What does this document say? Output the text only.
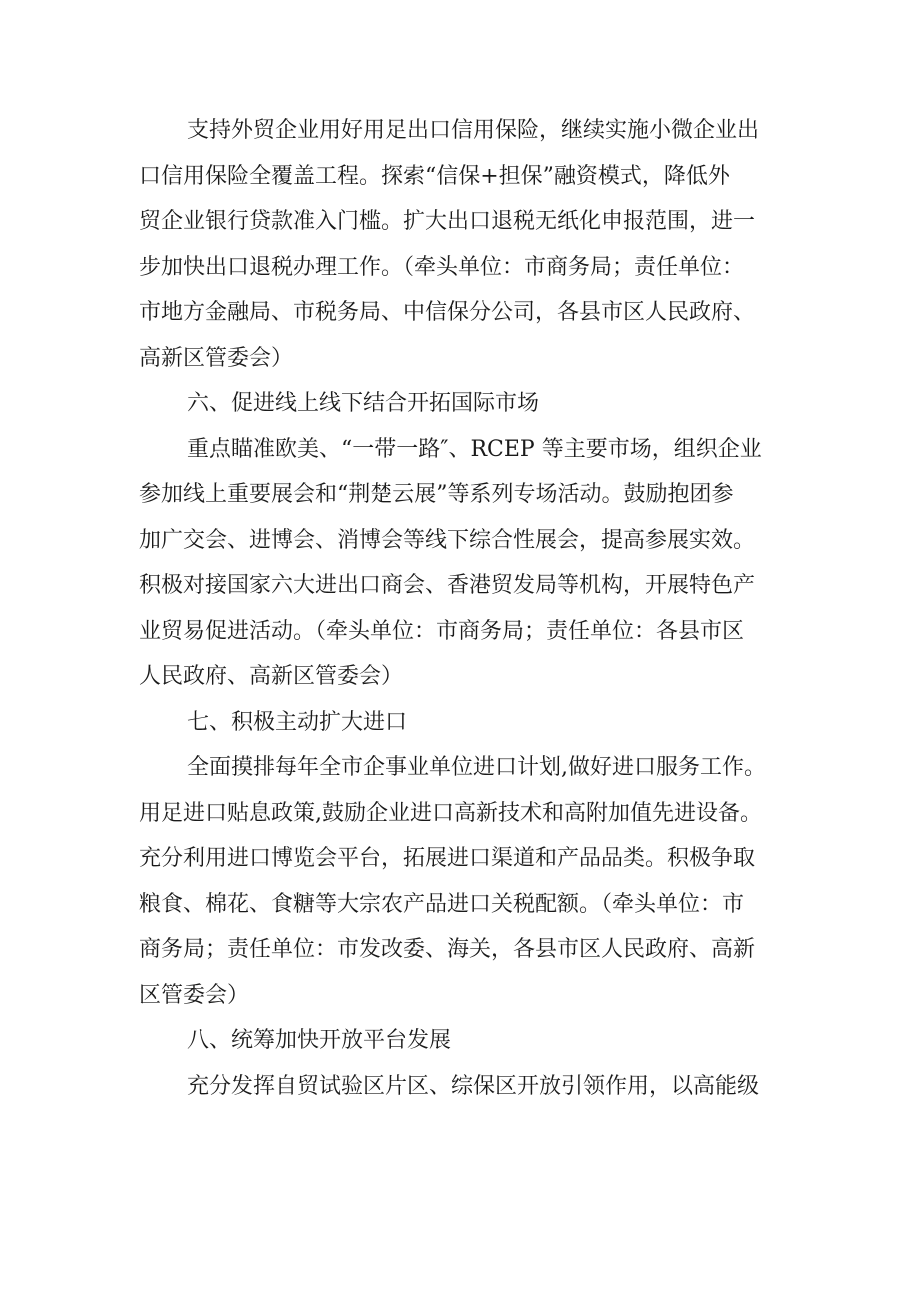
支持外贸企业用好用足出口信用保险，继续实施小微企业出
口信用保险全覆盖工程。探索“信保+担保”融资模式，降低外
贸企业银行贷款准入门槛。扩大出口退税无纸化申报范围，进一
步加快出口退税办理工作。（牵头单位：市商务局；责任单位：
市地方金融局、市税务局、中信保分公司，各县市区人民政府、
高新区管委会）
六、促进线上线下结合开拓国际市场
重点瞄准欧美、“一带一路″、RCEP 等主要市场，组织企业
参加线上重要展会和“荆楚云展”等系列专场活动。鼓励抱团参
加广交会、进博会、消博会等线下综合性展会，提高参展实效。
积极对接国家六大进出口商会、香港贸发局等机构，开展特色产
业贸易促进活动。（牵头单位：市商务局；责任单位：各县市区
人民政府、高新区管委会）
七、积极主动扩大进口
全面摸排每年全市企事业单位进口计划,做好进口服务工作。
用足进口贴息政策,鼓励企业进口高新技术和高附加值先进设备。
充分利用进口博览会平台，拓展进口渠道和产品品类。积极争取
粮食、棉花、食糖等大宗农产品进口关税配额。（牵头单位：市
商务局；责任单位：市发改委、海关，各县市区人民政府、高新
区管委会）
八、统筹加快开放平台发展
充分发挥自贸试验区片区、综保区开放引领作用，以高能级
